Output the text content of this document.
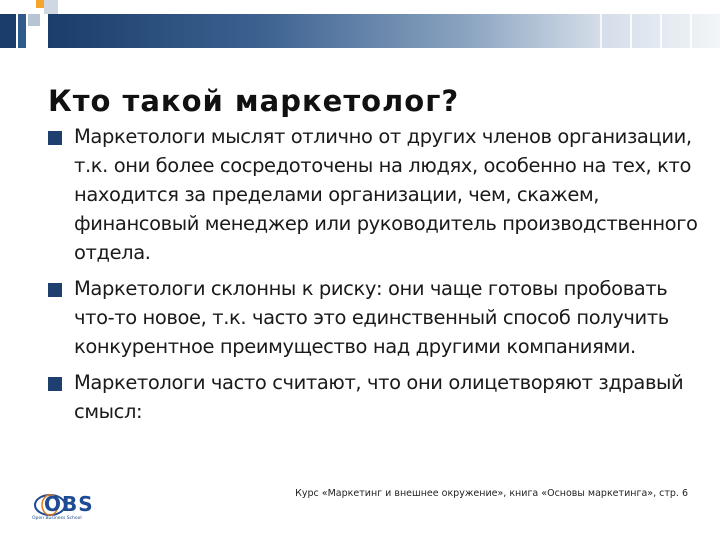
Кто такой маркетолог?
Маркетологи мыслят отлично от других членов организации, т.к. они более сосредоточены на людях, особенно на тех, кто находится за пределами организации, чем, скажем, финансовый менеджер или руководитель производственного отдела.
Маркетологи склонны к риску: они чаще готовы пробовать что-то новое, т.к. часто это единственный способ получить конкурентное преимущество над другими компаниями.
Маркетологи часто считают, что они олицетворяют здравый смысл:
Курс «Маркетинг и внешнее окружение», книга «Основы маркетинга», стр. 6
OBS
Open Business School
